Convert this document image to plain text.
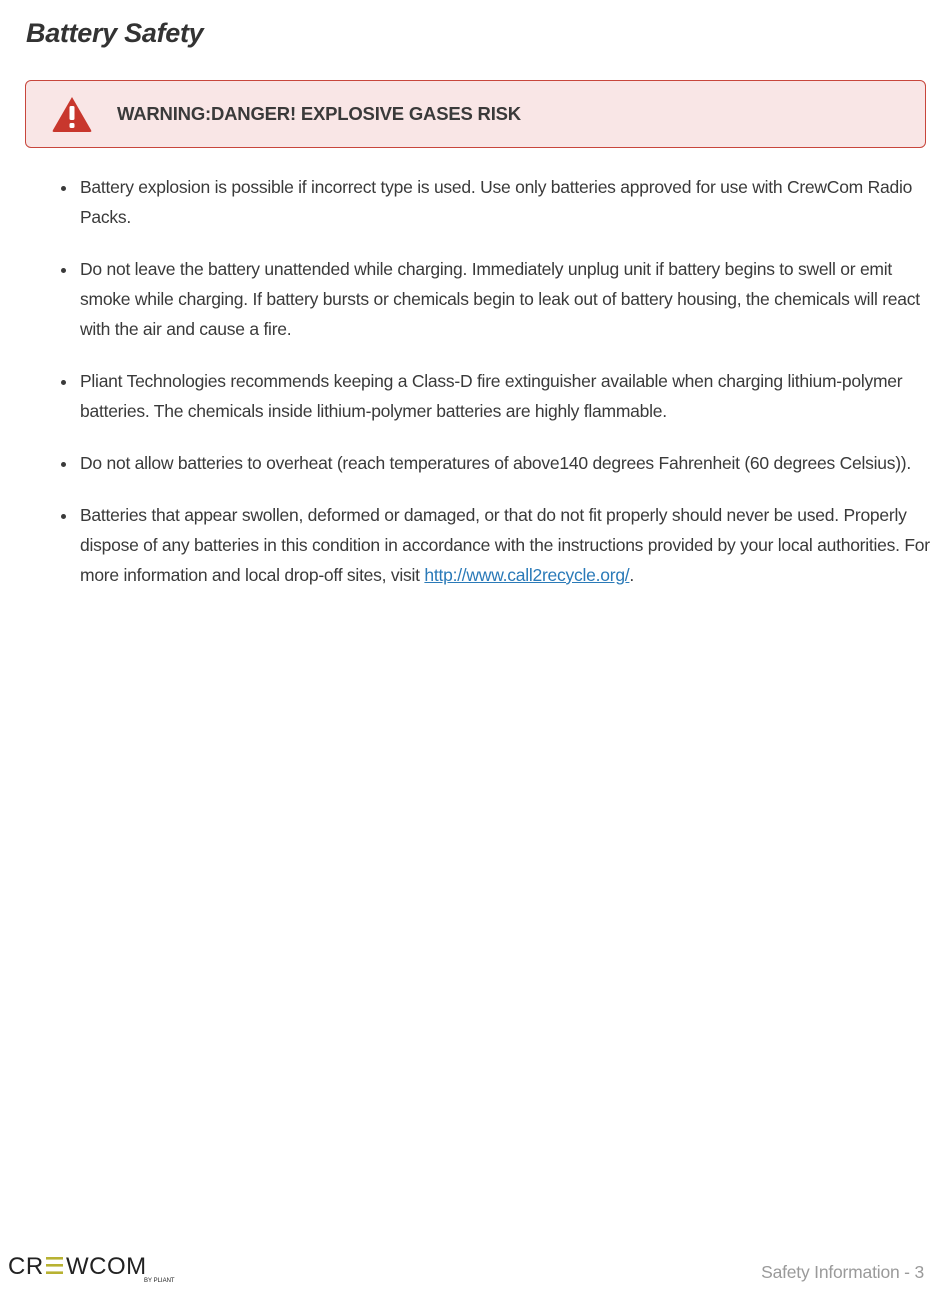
Battery Safety
WARNING:DANGER! EXPLOSIVE GASES RISK
Battery explosion is possible if incorrect type is used. Use only batteries approved for use with CrewCom Radio Packs.
Do not leave the battery unattended while charging. Immediately unplug unit if battery begins to swell or emit smoke while charging. If battery bursts or chemicals begin to leak out of battery housing, the chemicals will react with the air and cause a fire.
Pliant Technologies recommends keeping a Class-D fire extinguisher available when charging lithium-polymer batteries. The chemicals inside lithium-polymer batteries are highly flammable.
Do not allow batteries to overheat (reach temperatures of above140 degrees Fahrenheit (60 degrees Celsius)).
Batteries that appear swollen, deformed or damaged, or that do not fit properly should never be used. Properly dispose of any batteries in this condition in accordance with the instructions provided by your local authorities. For more information and local drop-off sites, visit http://www.call2recycle.org/.
CR WCOM
BY PLIANT	Safety Information - 3
